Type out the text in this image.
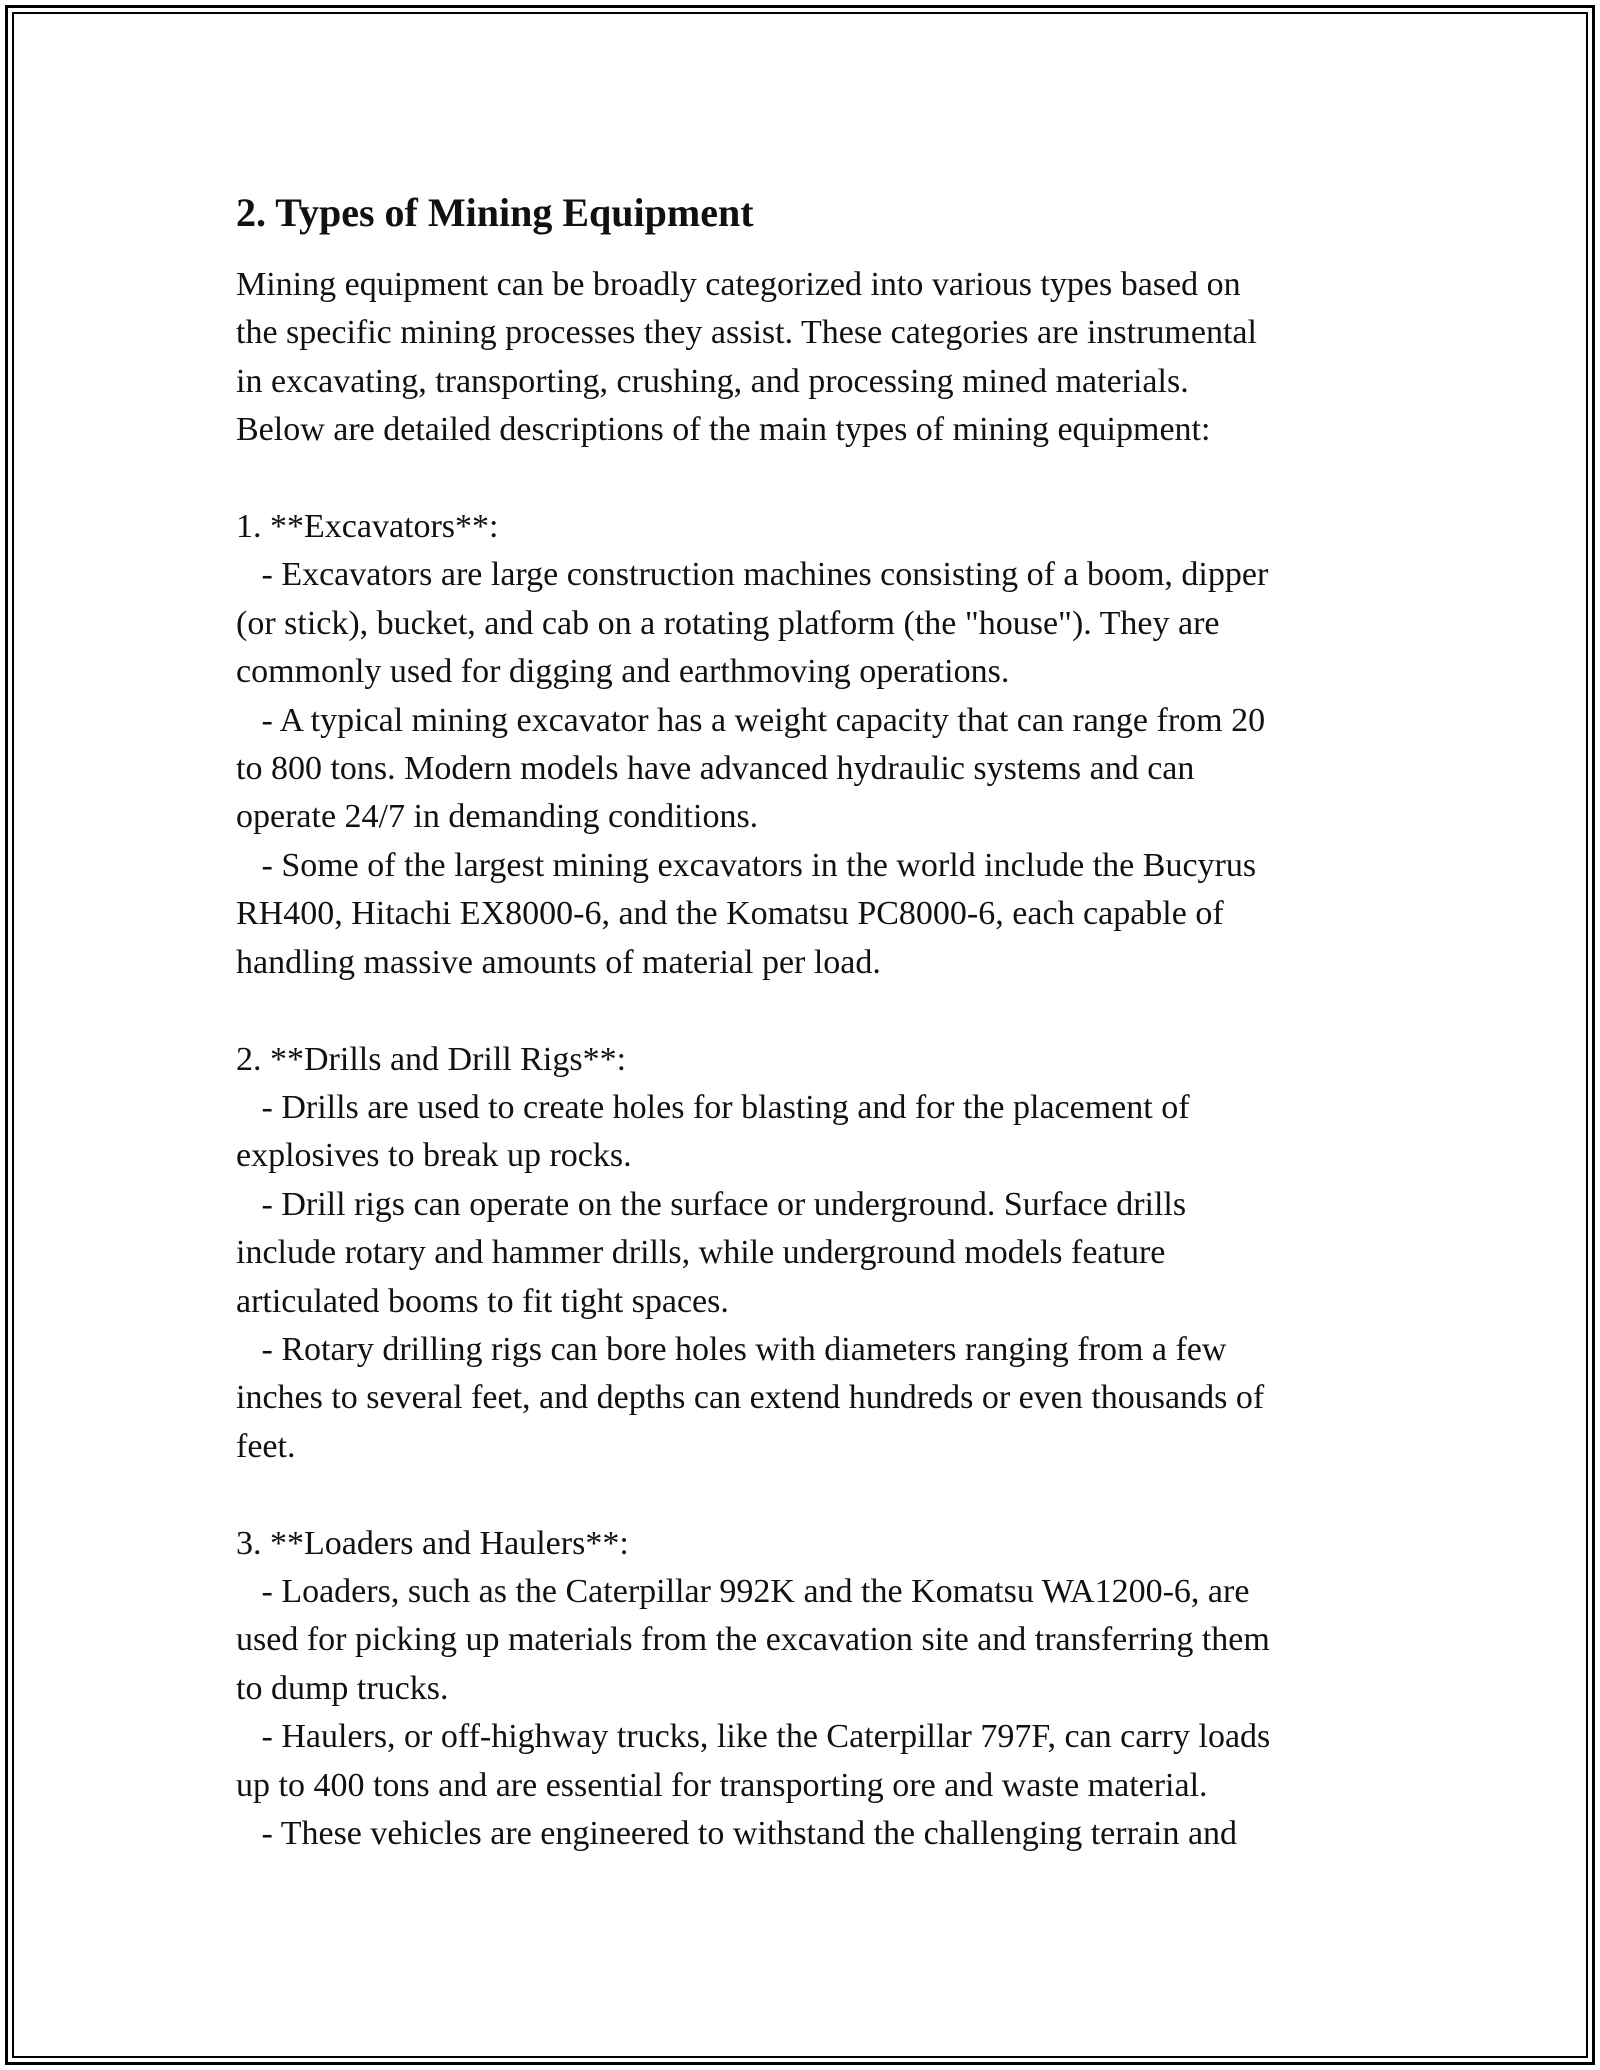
2. Types of Mining Equipment
Mining equipment can be broadly categorized into various types based on
the specific mining processes they assist. These categories are instrumental
in excavating, transporting, crushing, and processing mined materials.
Below are detailed descriptions of the main types of mining equipment:

1. **Excavators**:
- Excavators are large construction machines consisting of a boom, dipper
(or stick), bucket, and cab on a rotating platform (the "house"). They are
commonly used for digging and earthmoving operations.
- A typical mining excavator has a weight capacity that can range from 20
to 800 tons. Modern models have advanced hydraulic systems and can
operate 24/7 in demanding conditions.
- Some of the largest mining excavators in the world include the Bucyrus
RH400, Hitachi EX8000-6, and the Komatsu PC8000-6, each capable of
handling massive amounts of material per load.

2. **Drills and Drill Rigs**:
- Drills are used to create holes for blasting and for the placement of
explosives to break up rocks.
- Drill rigs can operate on the surface or underground. Surface drills
include rotary and hammer drills, while underground models feature
articulated booms to fit tight spaces.
- Rotary drilling rigs can bore holes with diameters ranging from a few
inches to several feet, and depths can extend hundreds or even thousands of
feet.

3. **Loaders and Haulers**:
- Loaders, such as the Caterpillar 992K and the Komatsu WA1200-6, are
used for picking up materials from the excavation site and transferring them
to dump trucks.
- Haulers, or off-highway trucks, like the Caterpillar 797F, can carry loads
up to 400 tons and are essential for transporting ore and waste material.
- These vehicles are engineered to withstand the challenging terrain and
